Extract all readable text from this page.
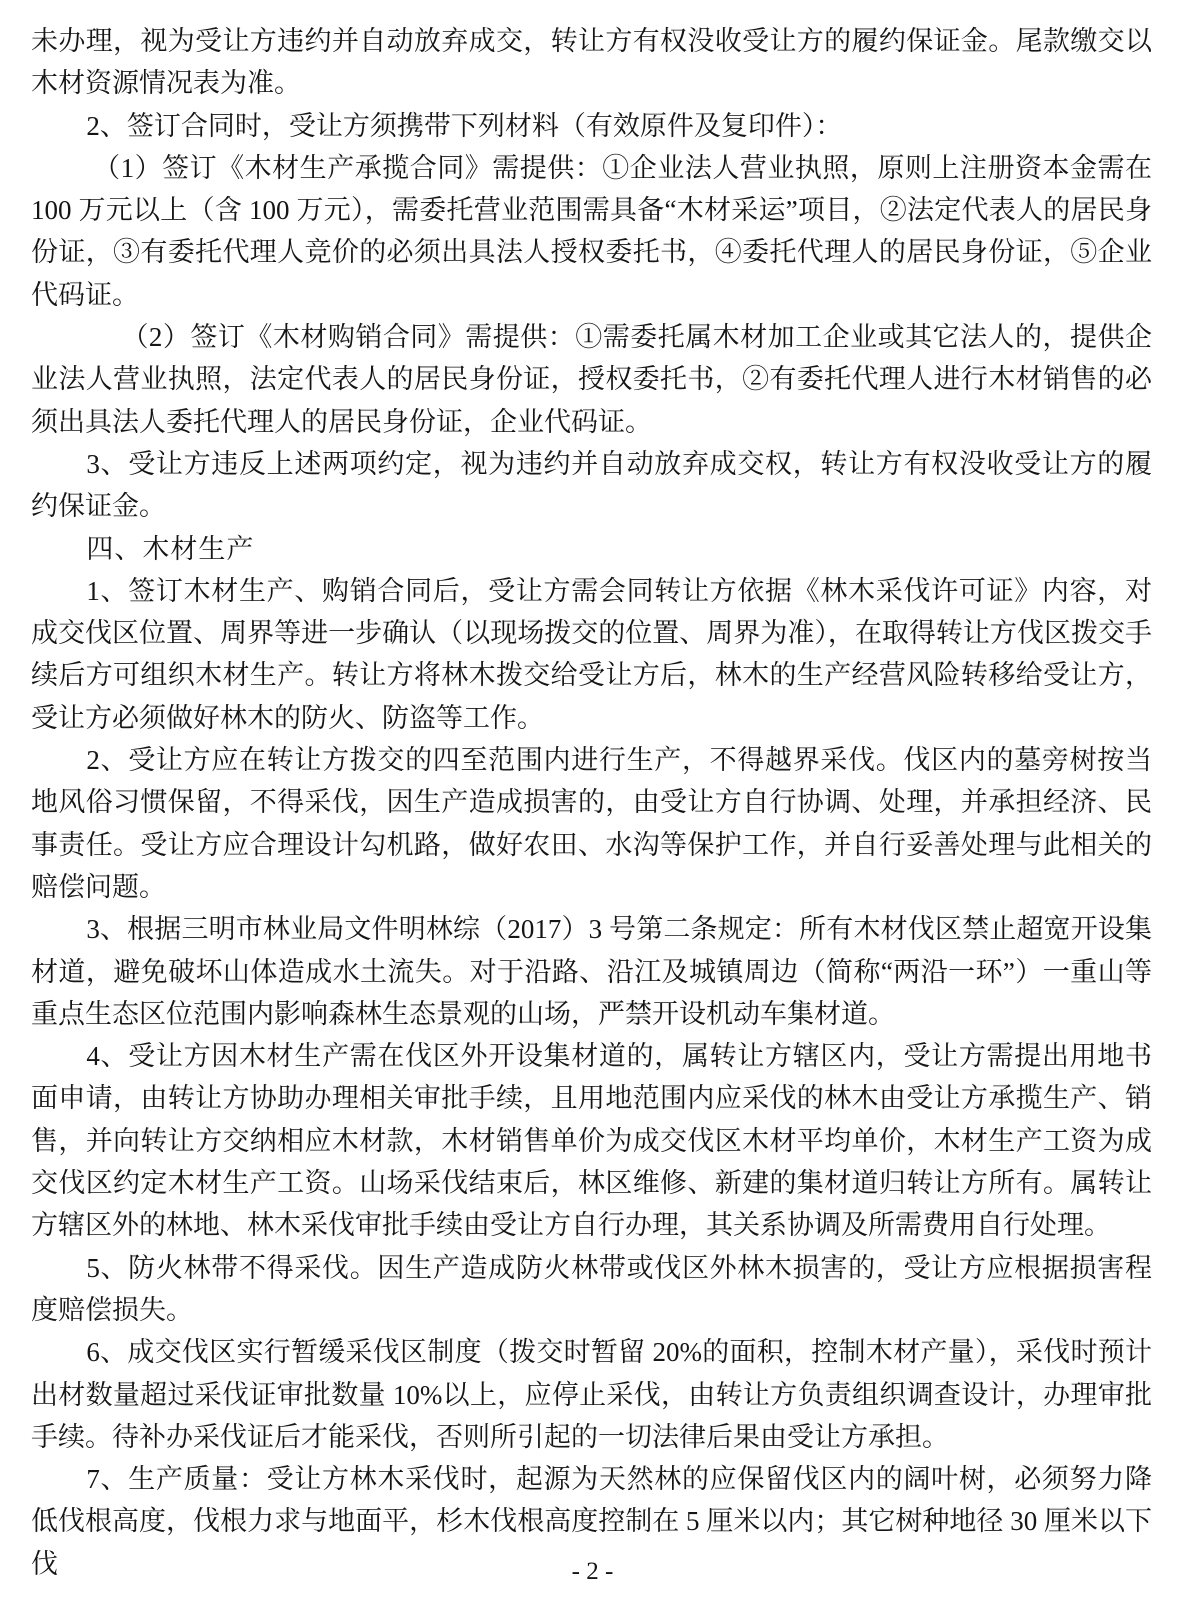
未办理，视为受让方违约并自动放弃成交，转让方有权没收受让方的履约保证金。尾款缴交以木材资源情况表为准。

2、签订合同时，受让方须携带下列材料（有效原件及复印件）：

（1）签订《木材生产承揽合同》需提供：①企业法人营业执照，原则上注册资本金需在 100 万元以上（含 100 万元），需委托营业范围需具备“木材采运”项目，②法定代表人的居民身份证，③有委托代理人竞价的必须出具法人授权委托书，④委托代理人的居民身份证，⑤企业代码证。

（2）签订《木材购销合同》需提供：①需委托属木材加工企业或其它法人的，提供企业法人营业执照，法定代表人的居民身份证，授权委托书，②有委托代理人进行木材销售的必须出具法人委托代理人的居民身份证，企业代码证。

3、受让方违反上述两项约定，视为违约并自动放弃成交权，转让方有权没收受让方的履约保证金。

四、木材生产

1、签订木材生产、购销合同后，受让方需会同转让方依据《林木采伐许可证》内容，对成交伐区位置、周界等进一步确认（以现场拨交的位置、周界为准），在取得转让方伐区拨交手续后方可组织木材生产。转让方将林木拨交给受让方后，林木的生产经营风险转移给受让方，受让方必须做好林木的防火、防盗等工作。

2、受让方应在转让方拨交的四至范围内进行生产，不得越界采伐。伐区内的墓旁树按当地风俗习惯保留，不得采伐，因生产造成损害的，由受让方自行协调、处理，并承担经济、民事责任。受让方应合理设计勾机路，做好农田、水沟等保护工作，并自行妥善处理与此相关的赔偿问题。

3、根据三明市林业局文件明林综（2017）3 号第二条规定：所有木材伐区禁止超宽开设集材道，避免破坏山体造成水土流失。对于沿路、沿江及城镇周边（简称“两沿一环”）一重山等重点生态区位范围内影响森林生态景观的山场，严禁开设机动车集材道。

4、受让方因木材生产需在伐区外开设集材道的，属转让方辖区内，受让方需提出用地书面申请，由转让方协助办理相关审批手续，且用地范围内应采伐的林木由受让方承揽生产、销售，并向转让方交纳相应木材款，木材销售单价为成交伐区木材平均单价，木材生产工资为成交伐区约定木材生产工资。山场采伐结束后，林区维修、新建的集材道归转让方所有。属转让方辖区外的林地、林木采伐审批手续由受让方自行办理，其关系协调及所需费用自行处理。

5、防火林带不得采伐。因生产造成防火林带或伐区外林木损害的，受让方应根据损害程度赔偿损失。

6、成交伐区实行暂缓采伐区制度（拨交时暂留 20%的面积，控制木材产量），采伐时预计出材数量超过采伐证审批数量 10%以上，应停止采伐，由转让方负责组织调查设计，办理审批手续。待补办采伐证后才能采伐，否则所引起的一切法律后果由受让方承担。

7、生产质量：受让方林木采伐时，起源为天然林的应保留伐区内的阔叶树，必须努力降低伐根高度，伐根力求与地面平，杉木伐根高度控制在 5 厘米以内；其它树种地径 30 厘米以下伐	- 2 -
